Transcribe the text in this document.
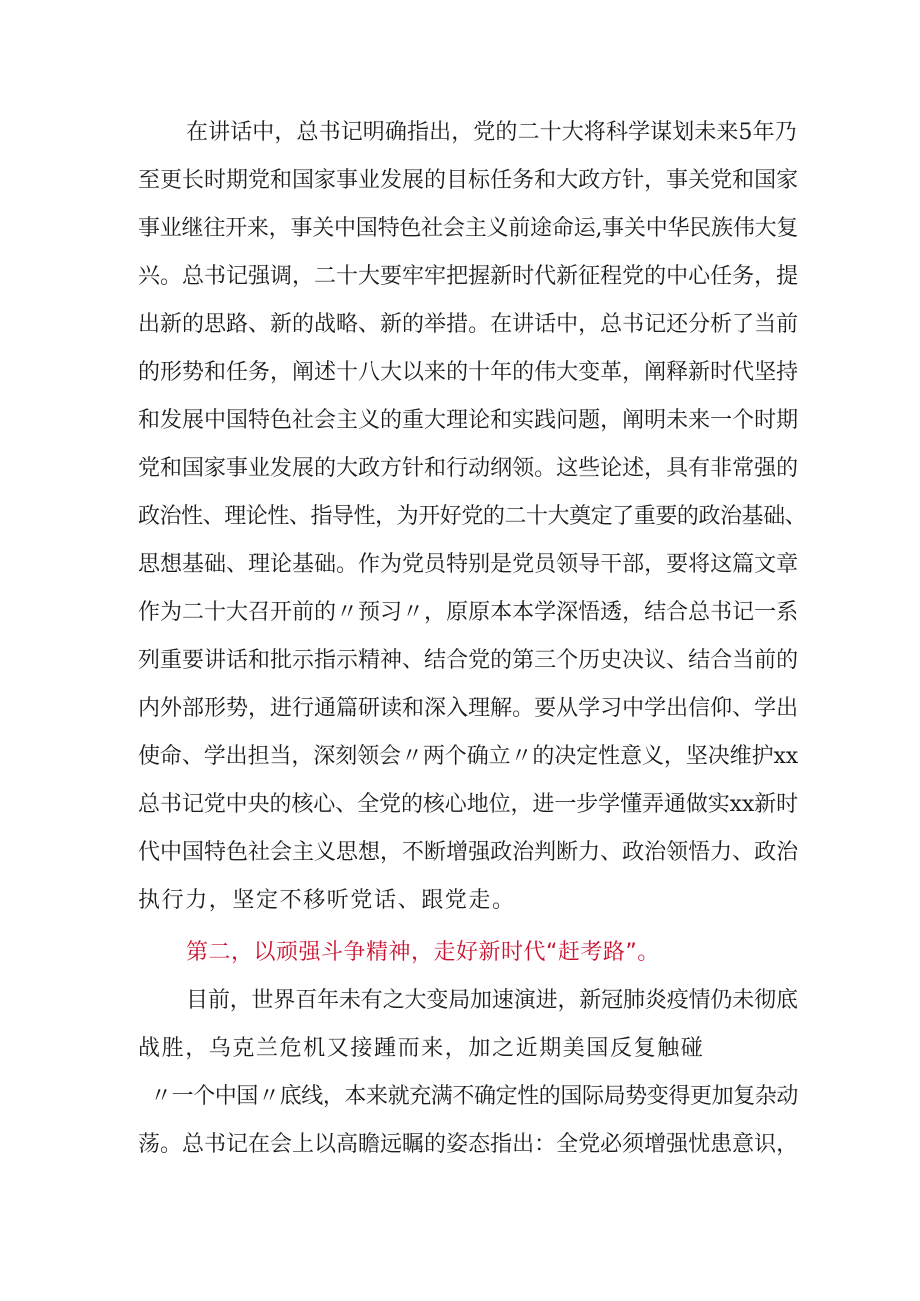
在讲话中，总书记明确指出，党的二十大将科学谋划未来5年乃
至更长时期党和国家事业发展的目标任务和大政方针，事关党和国家
事业继往开来，事关中国特色社会主义前途命运,事关中华民族伟大复
兴。总书记强调，二十大要牢牢把握新时代新征程党的中心任务，提
出新的思路、新的战略、新的举措。在讲话中，总书记还分析了当前
的形势和任务，阐述十八大以来的十年的伟大变革，阐释新时代坚持
和发展中国特色社会主义的重大理论和实践问题，阐明未来一个时期
党和国家事业发展的大政方针和行动纲领。这些论述，具有非常强的
政治性、理论性、指导性，为开好党的二十大奠定了重要的政治基础、
思想基础、理论基础。作为党员特别是党员领导干部，要将这篇文章
作为二十大召开前的〃预习〃，原原本本学深悟透，结合总书记一系
列重要讲话和批示指示精神、结合党的第三个历史决议、结合当前的
内外部形势，进行通篇研读和深入理解。要从学习中学出信仰、学出
使命、学出担当，深刻领会〃两个确立〃的决定性意义，坚决维护xx
总书记党中央的核心、全党的核心地位，进一步学懂弄通做实xx新时
代中国特色社会主义思想，不断增强政治判断力、政治领悟力、政治
执行力，坚定不移听党话、跟党走。
第二，以顽强斗争精神，走好新时代“赶考路”。
目前，世界百年未有之大变局加速演进，新冠肺炎疫情仍未彻底
战胜，乌克兰危机又接踵而来，加之近期美国反复触碰
〃一个中国〃底线，本来就充满不确定性的国际局势变得更加复杂动
荡。总书记在会上以高瞻远瞩的姿态指出：全党必须增强忧患意识，
